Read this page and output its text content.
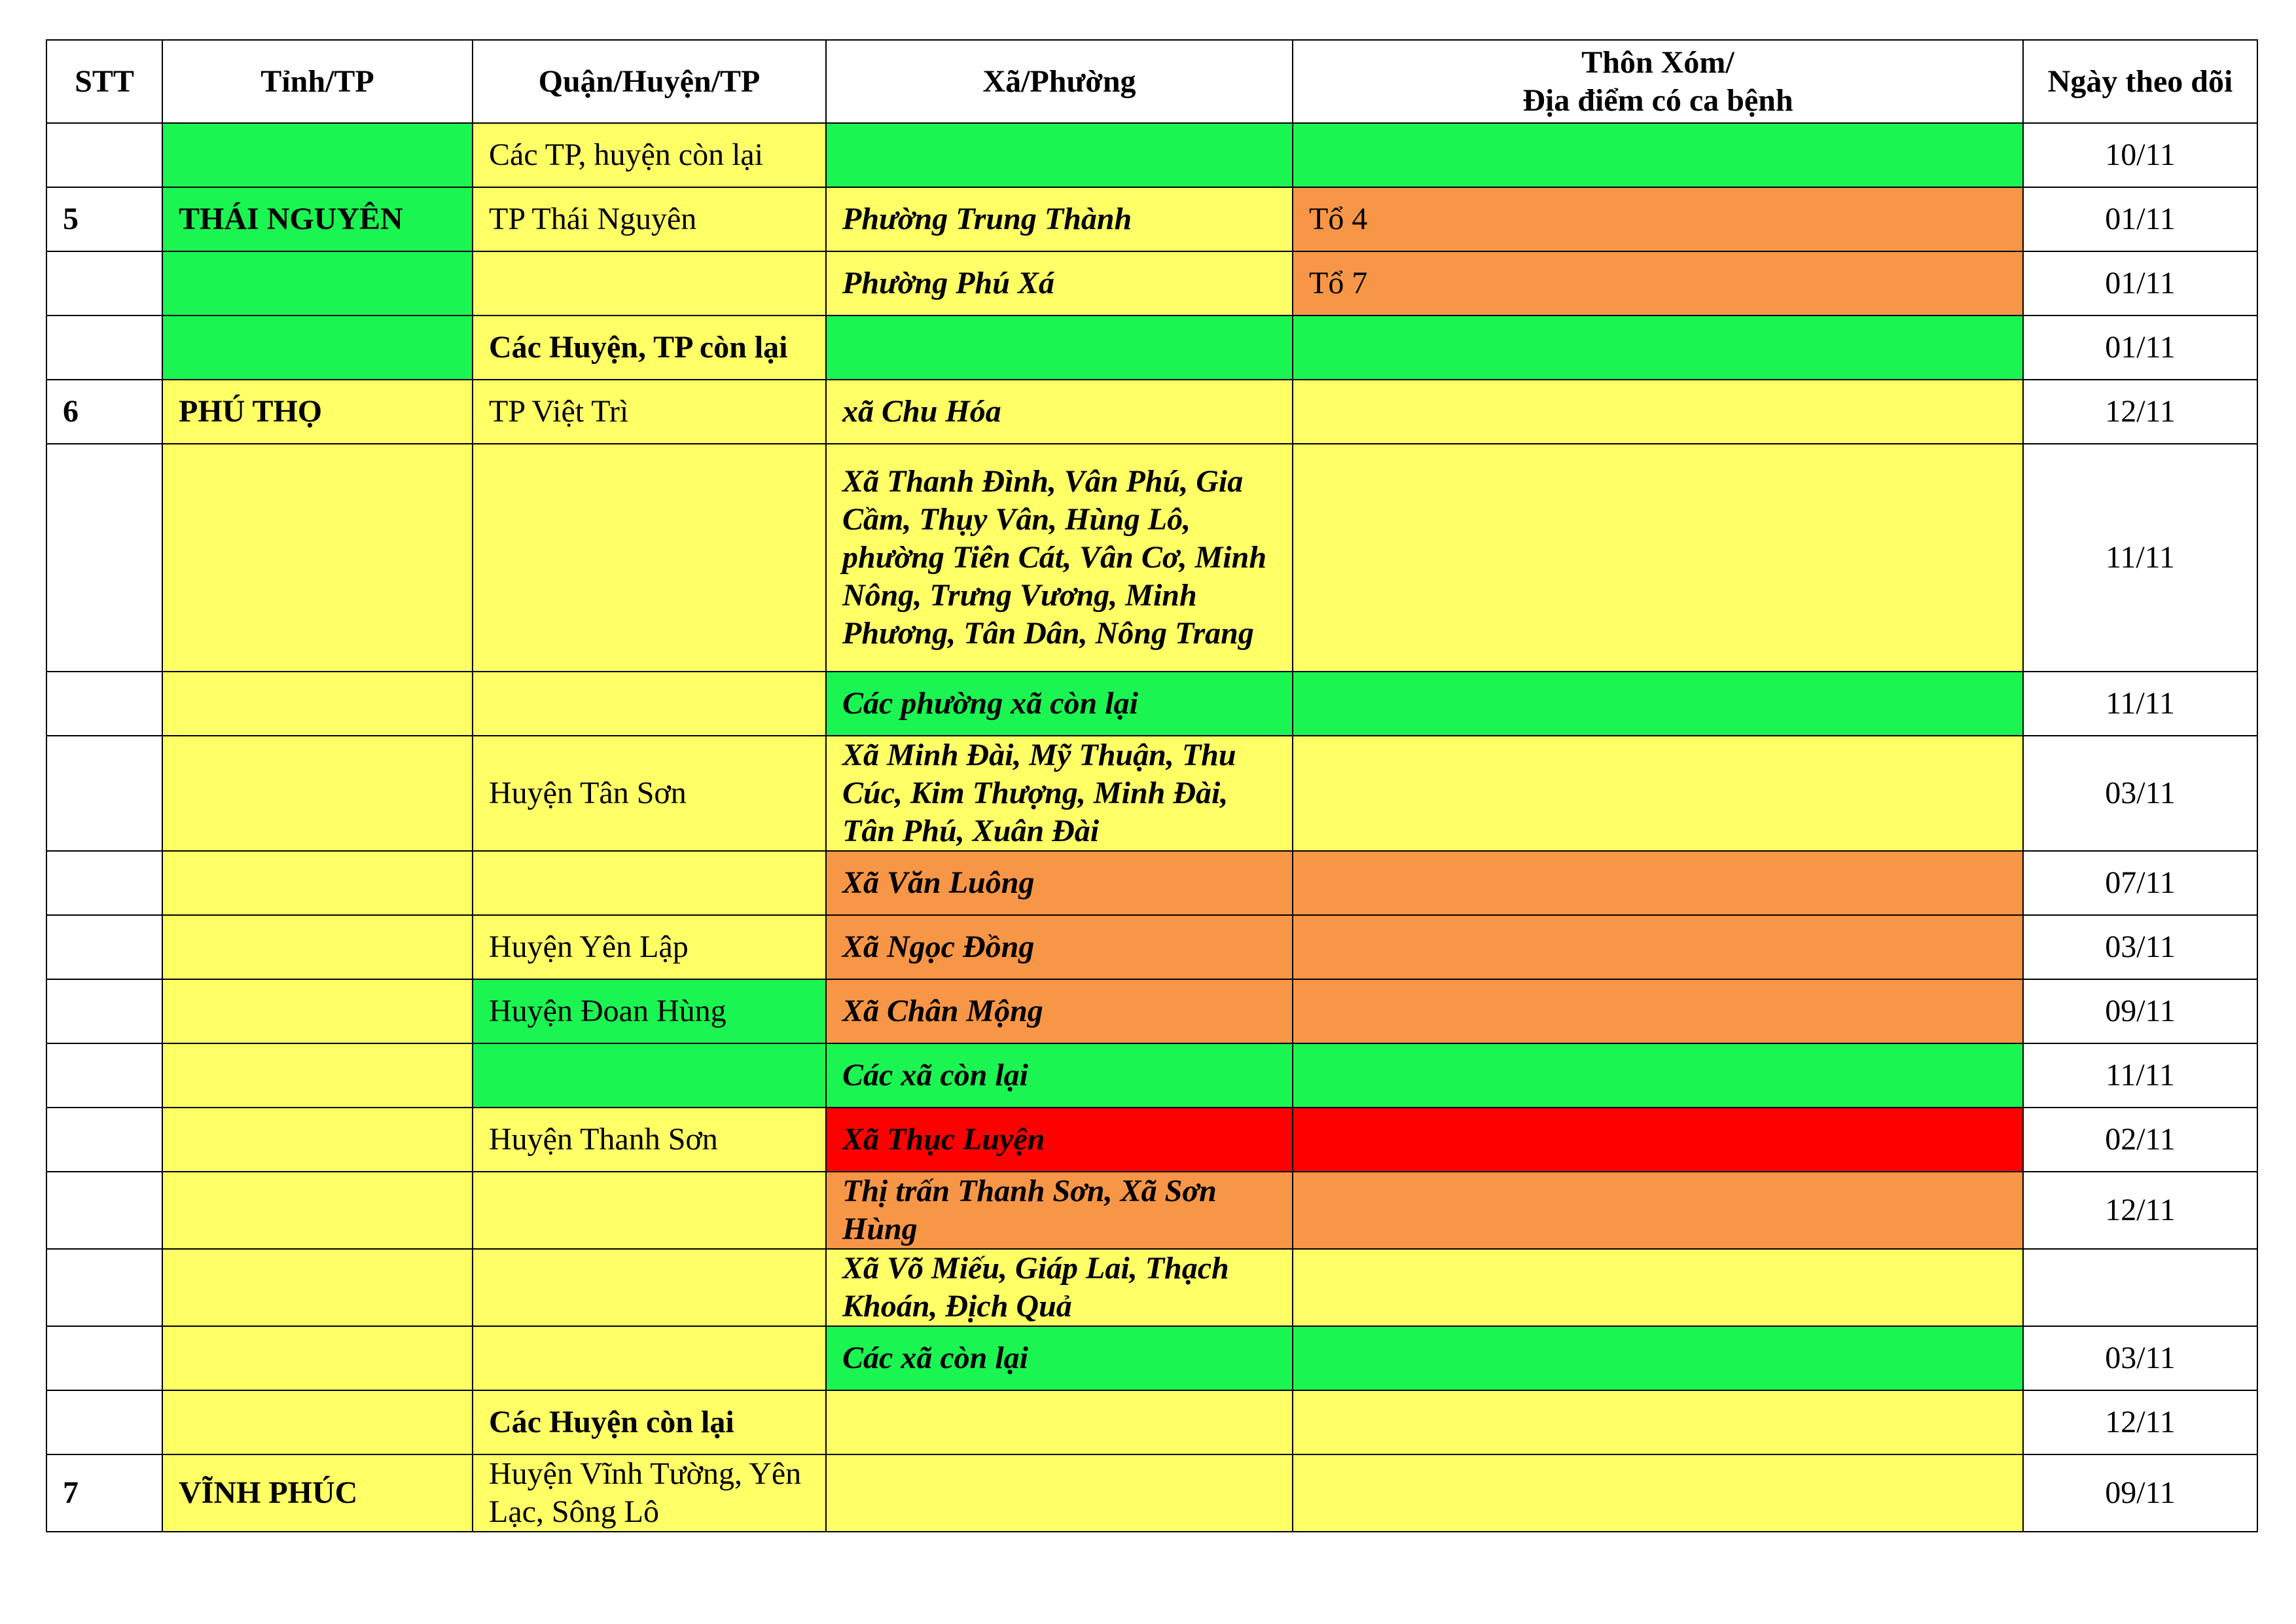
STT	Tỉnh/TP	Quận/Huyện/TP	Xã/Phường	Thôn Xóm/
Địa điểm có ca bệnh	Ngày theo dõi
		Các TP, huyện còn lại			10/11
5	THÁI NGUYÊN	TP Thái Nguyên	Phường Trung Thành	Tổ 4	01/11
			Phường Phú Xá	Tổ 7	01/11
		Các Huyện, TP còn lại			01/11
6	PHÚ THỌ	TP Việt Trì	xã Chu Hóa		12/11
			Xã Thanh Đình, Vân Phú, Gia Cầm, Thụy Vân, Hùng Lô, phường Tiên Cát, Vân Cơ, Minh Nông, Trưng Vương, Minh Phương, Tân Dân, Nông Trang		11/11
			Các phường xã còn lại		11/11
		Huyện Tân Sơn	Xã Minh Đài, Mỹ Thuận, Thu Cúc, Kim Thượng, Minh Đài, Tân Phú, Xuân Đài		03/11
			Xã Văn Luông		07/11
		Huyện Yên Lập	Xã Ngọc Đồng		03/11
		Huyện Đoan Hùng	Xã Chân Mộng		09/11
			Các xã còn lại		11/11
		Huyện Thanh Sơn	Xã Thục Luyện		02/11
			Thị trấn Thanh Sơn, Xã Sơn Hùng		12/11
			Xã Võ Miếu, Giáp Lai, Thạch Khoán, Địch Quả		
			Các xã còn lại		03/11
		Các Huyện còn lại			12/11
7	VĨNH PHÚC	Huyện Vĩnh Tường, Yên Lạc, Sông Lô			09/11
